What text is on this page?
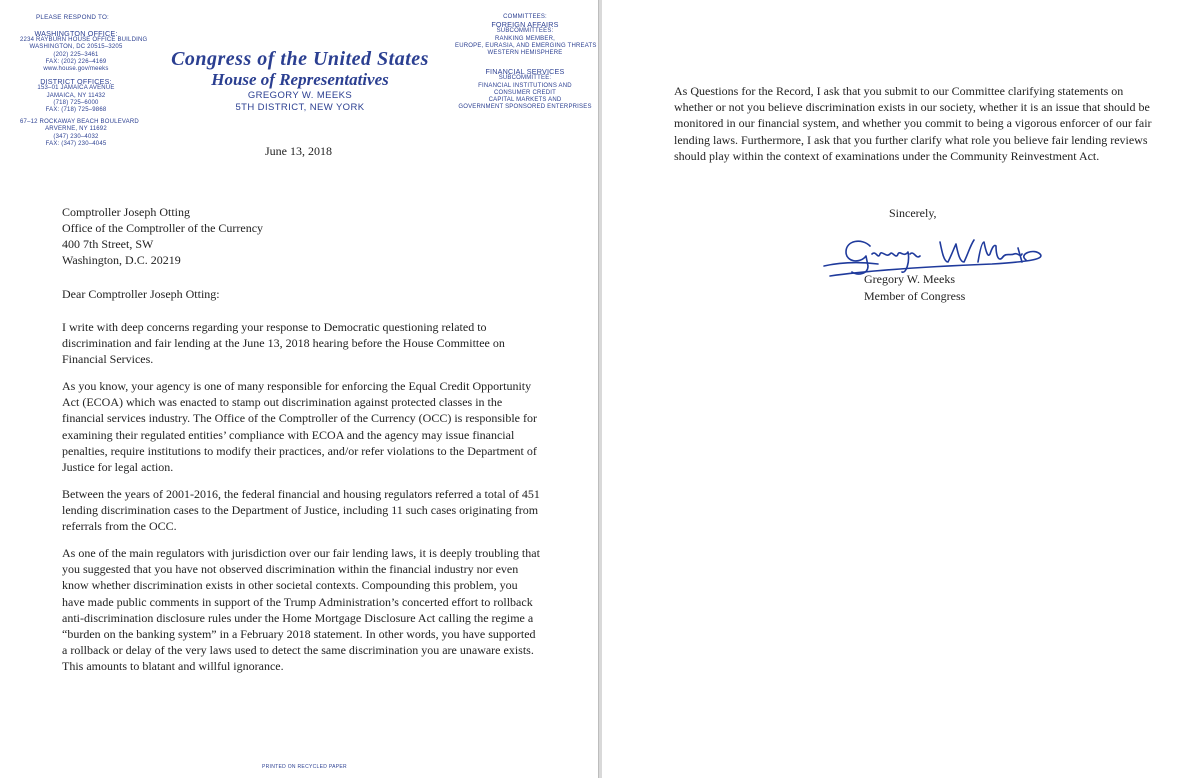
PLEASE RESPOND TO:
WASHINGTON OFFICE:
2234 RAYBURN HOUSE OFFICE BUILDING
WASHINGTON, DC 20515–3205
(202) 225–3461
FAX: (202) 226–4169
www.house.gov/meeks
DISTRICT OFFICES:
153–01 JAMAICA AVENUE
JAMAICA, NY 11432
(718) 725–6000
FAX: (718) 725–9868
67–12 ROCKAWAY BEACH BOULEVARD
ARVERNE, NY 11692
(347) 230–4032
FAX: (347) 230–4045
Congress of the United States
House of Representatives
GREGORY W. MEEKS
5TH DISTRICT, NEW YORK
COMMITTEES:
FOREIGN AFFAIRS
SUBCOMMITTEES:
RANKING MEMBER,
EUROPE, EURASIA, AND EMERGING THREATS
WESTERN HEMISPHERE
FINANCIAL SERVICES
SUBCOMMITTEE:
FINANCIAL INSTITUTIONS AND
CONSUMER CREDIT
CAPITAL MARKETS AND
GOVERNMENT SPONSORED ENTERPRISES
June 13, 2018
Comptroller Joseph Otting
Office of the Comptroller of the Currency
400 7th Street, SW
Washington, D.C. 20219
Dear Comptroller Joseph Otting:
I write with deep concerns regarding your response to Democratic questioning related to discrimination and fair lending at the June 13, 2018 hearing before the House Committee on Financial Services.
As you know, your agency is one of many responsible for enforcing the Equal Credit Opportunity Act (ECOA) which was enacted to stamp out discrimination against protected classes in the financial services industry. The Office of the Comptroller of the Currency (OCC) is responsible for examining their regulated entities’ compliance with ECOA and the agency may issue financial penalties, require institutions to modify their practices, and/or refer violations to the Department of Justice for legal action.
Between the years of 2001-2016, the federal financial and housing regulators referred a total of 451 lending discrimination cases to the Department of Justice, including 11 such cases originating from referrals from the OCC.
As one of the main regulators with jurisdiction over our fair lending laws, it is deeply troubling that you suggested that you have not observed discrimination within the financial industry nor even know whether discrimination exists in other societal contexts. Compounding this problem, you have made public comments in support of the Trump Administration’s concerted effort to rollback anti-discrimination disclosure rules under the Home Mortgage Disclosure Act calling the regime a “burden on the banking system” in a February 2018 statement. In other words, you have supported a rollback or delay of the very laws used to detect the same discrimination you are unaware exists. This amounts to blatant and willful ignorance.
PRINTED ON RECYCLED PAPER
As Questions for the Record, I ask that you submit to our Committee clarifying statements on whether or not you believe discrimination exists in our society, whether it is an issue that should be monitored in our financial system, and whether you commit to being a vigorous enforcer of our fair lending laws. Furthermore, I ask that you further clarify what role you believe fair lending reviews should play within the context of examinations under the Community Reinvestment Act.
Sincerely,
Gregory W. Meeks
Member of Congress
